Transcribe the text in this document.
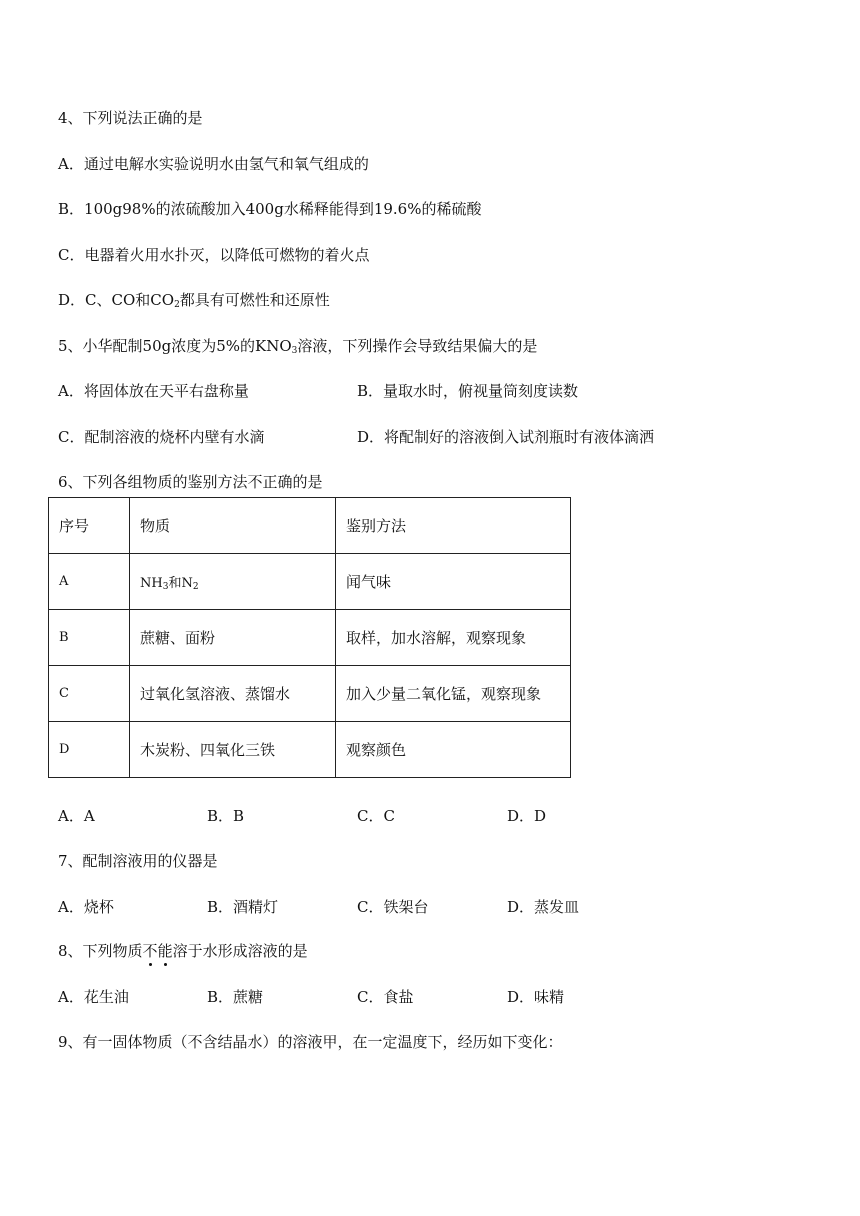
4、下列说法正确的是
A．通过电解水实验说明水由氢气和氧气组成的
B．100g98%的浓硫酸加入400g水稀释能得到19.6%的稀硫酸
C．电器着火用水扑灭，以降低可燃物的着火点
D．C、CO和$CO_2$都具有可燃性和还原性
5、小华配制50g浓度为5%的$KNO_3$溶液，下列操作会导致结果偏大的是
A．将固体放在天平右盘称量	B．量取水时，俯视量筒刻度读数
C．配制溶液的烧杯内壁有水滴	D．将配制好的溶液倒入试剂瓶时有液体滴洒
6、下列各组物质的鉴别方法不正确的是
序号	物质	鉴别方法
A	$NH_3$和$N_2$	闻气味
B	蔗糖、面粉	取样，加水溶解，观察现象
C	过氧化氢溶液、蒸馏水	加入少量二氧化锰，观察现象
D	木炭粉、四氧化三铁	观察颜色
A．A	B．B	C．C	D．D
7、配制溶液用的仪器是
A．烧杯	B．酒精灯	C．铁架台	D．蒸发皿
8、下列物质不能溶于水形成溶液的是
A．花生油	B．蔗糖	C．食盐	D．味精
9、有一固体物质（不含结晶水）的溶液甲，在一定温度下，经历如下变化：
